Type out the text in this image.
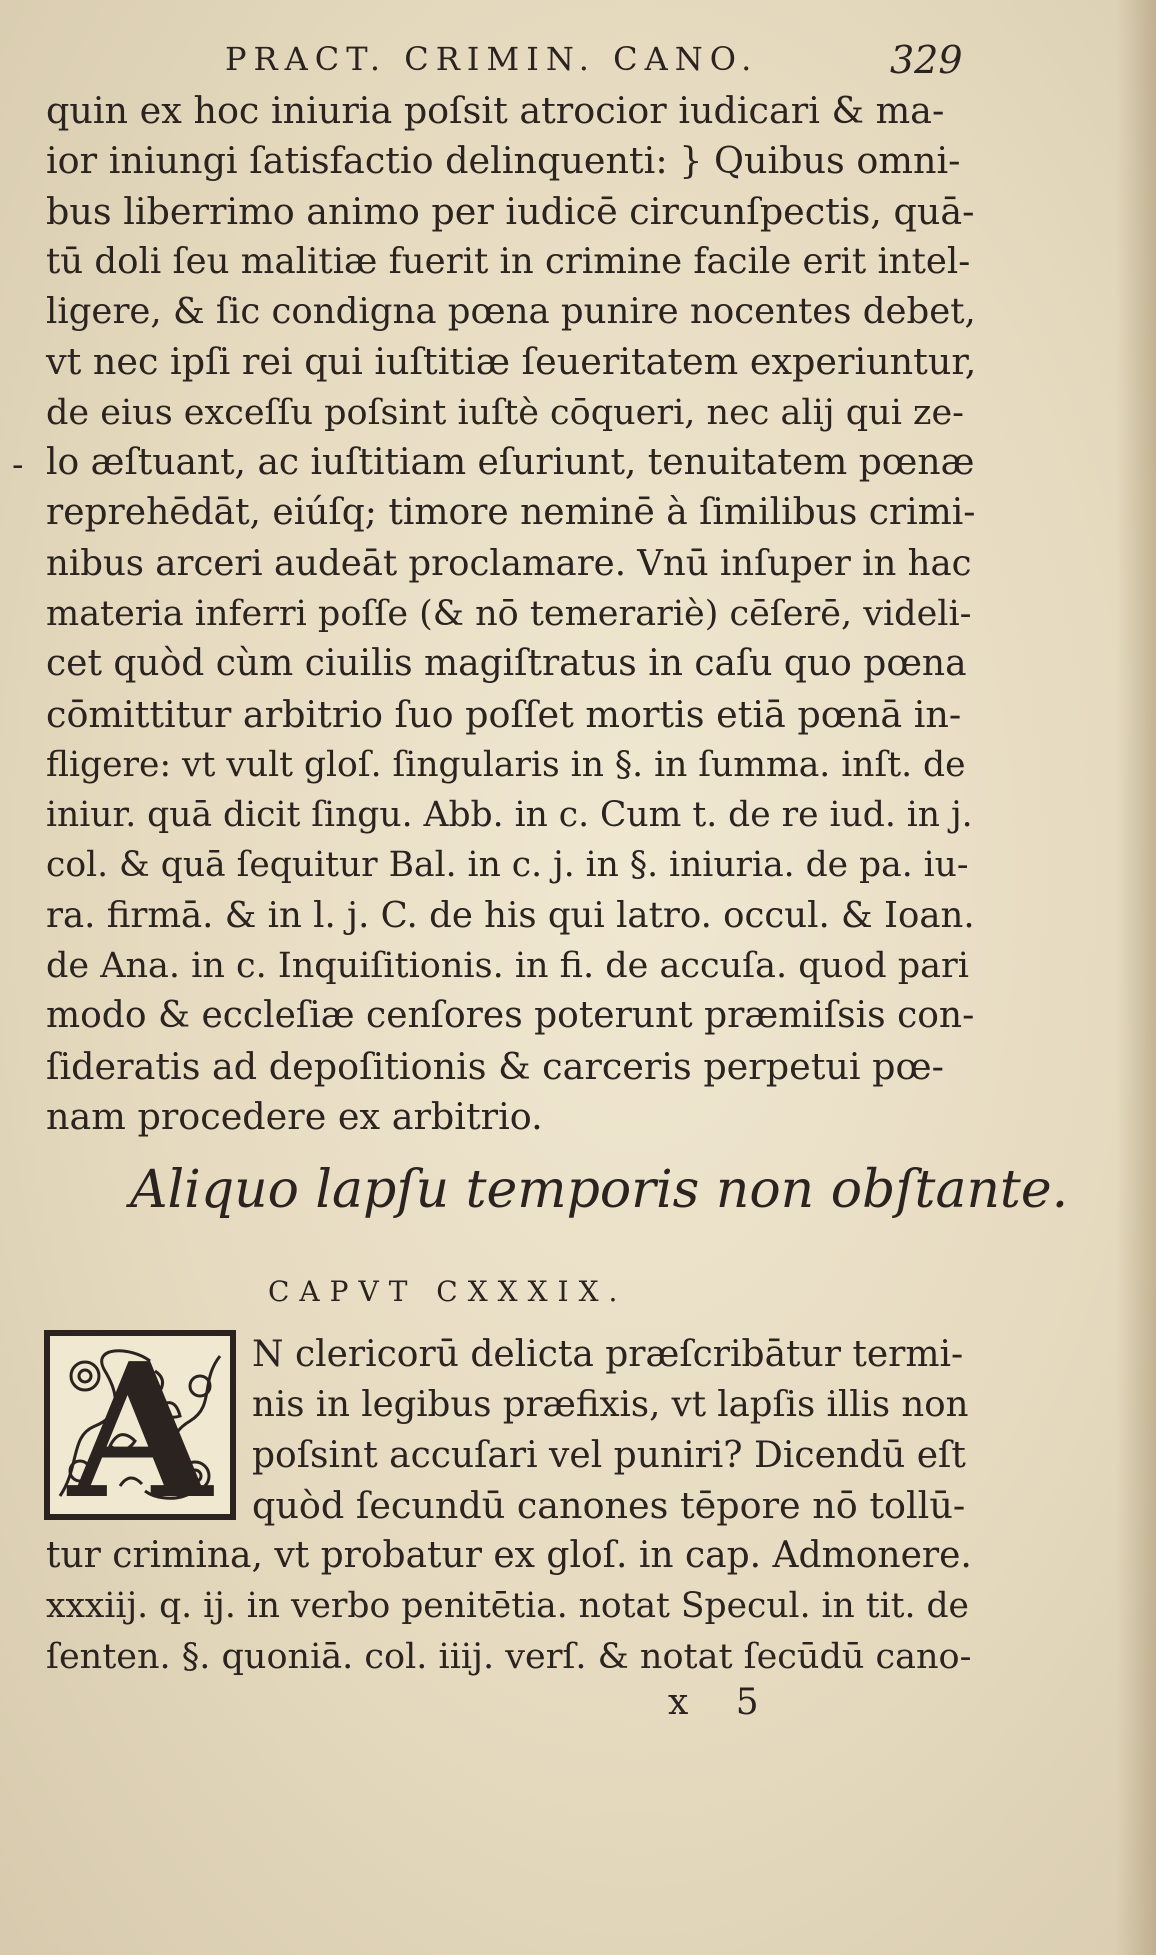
PRACT. CRIMIN. CANO.	329
-
quin ex hoc iniuria poſsit atrocior iudicari & ma-
ior iniungi ſatisfactio delinquenti: } Quibus omni-
bus liberrimo animo per iudicē circunſpectis, quā-
tū doli ſeu malitiæ fuerit in crimine facile erit intel-
ligere, & ſic condigna pœna punire nocentes debet,
vt nec ipſi rei qui iuſtitiæ ſeueritatem experiuntur,
de eius exceſſu poſsint iuſtè cōqueri, nec alij qui ze-
lo æſtuant, ac iuſtitiam eſuriunt, tenuitatem pœnæ
reprehēdāt, eiúſq; timore neminē à ſimilibus crimi-
nibus arceri audeāt proclamare. Vnū inſuper in hac
materia inferri poſſe (& nō temerariè) cēſerē, videli-
cet quòd cùm ciuilis magiſtratus in caſu quo pœna
cōmittitur arbitrio ſuo poſſet mortis etiā pœnā in-
fligere: vt vult gloſ. ſingularis in §. in ſumma. inſt. de
iniur. quā dicit ſingu. Abb. in c. Cum t. de re iud. in j.
col. & quā ſequitur Bal. in c. j. in §. iniuria. de pa. iu-
ra. firmā. & in l. j. C. de his qui latro. occul. & Ioan.
de Ana. in c. Inquiſitionis. in fi. de accuſa. quod pari
modo & eccleſiæ cenſores poterunt præmiſsis con-
ſideratis ad depoſitionis & carceris perpetui pœ-
nam procedere ex arbitrio.
Aliquo lapſu temporis non obſtante.
CAPVT CXXXIX.
A N clericorū delicta præſcribātur termi-
nis in legibus præfixis, vt lapſis illis non
poſsint accuſari vel puniri? Dicendū eſt
quòd ſecundū canones tēpore nō tollū-
tur crimina, vt probatur ex gloſ. in cap. Admonere.
xxxiij. q. ij. in verbo penitētia. notat Specul. in tit. de
ſenten. §. quoniā. col. iiij. verſ. & notat ſecūdū cano-
x 5
